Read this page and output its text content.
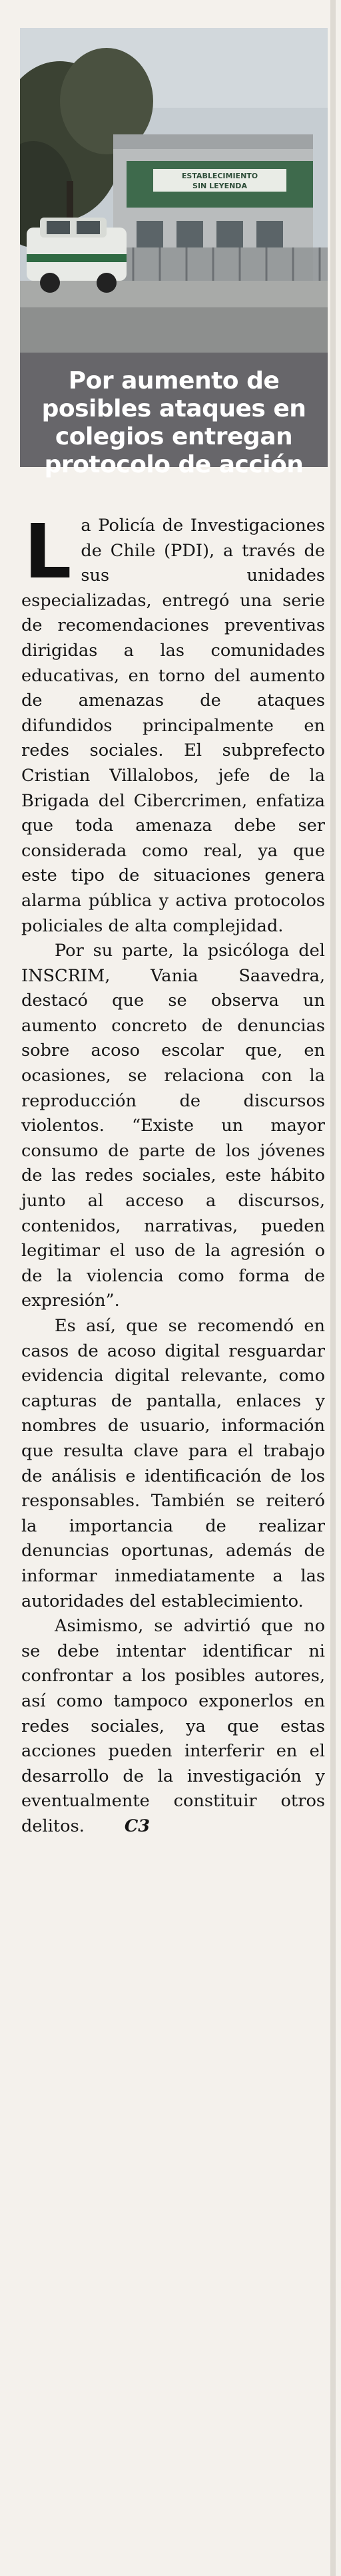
ESTABLECIMIENTO
SIN LEYENDA
Por aumento de posibles ataques en colegios entregan protocolo de acción

La Policía de Investigaciones de Chile (PDI), a través de sus unidades especializadas, entregó una serie de recomendaciones preventivas dirigidas a las comunidades educativas, en torno del aumento de amenazas de ataques difundidos principalmente en redes sociales. El subprefecto Cristian Villalobos, jefe de la Brigada del Cibercrimen, enfatiza que toda amenaza debe ser considerada como real, ya que este tipo de situaciones genera alarma pública y activa protocolos policiales de alta complejidad.

Por su parte, la psicóloga del INSCRIM, Vania Saavedra, destacó que se observa un aumento concreto de denuncias sobre acoso escolar que, en ocasiones, se relaciona con la reproducción de discursos violentos. “Existe un mayor consumo de parte de los jóvenes de las redes sociales, este hábito junto al acceso a discursos, contenidos, narrativas, pueden legitimar el uso de la agresión o de la violencia como forma de expresión”.

Es así, que se recomendó en casos de acoso digital resguardar evidencia digital relevante, como capturas de pantalla, enlaces y nombres de usuario, información que resulta clave para el trabajo de análisis e identificación de los responsables. También se reiteró la importancia de realizar denuncias oportunas, además de informar inmediatamente a las autoridades del establecimiento.

Asimismo, se advirtió que no se debe intentar identificar ni confrontar a los posibles autores, así como tampoco exponerlos en redes sociales, ya que estas acciones pueden interferir en el desarrollo de la investigación y eventualmente constituir otros delitos. C3
